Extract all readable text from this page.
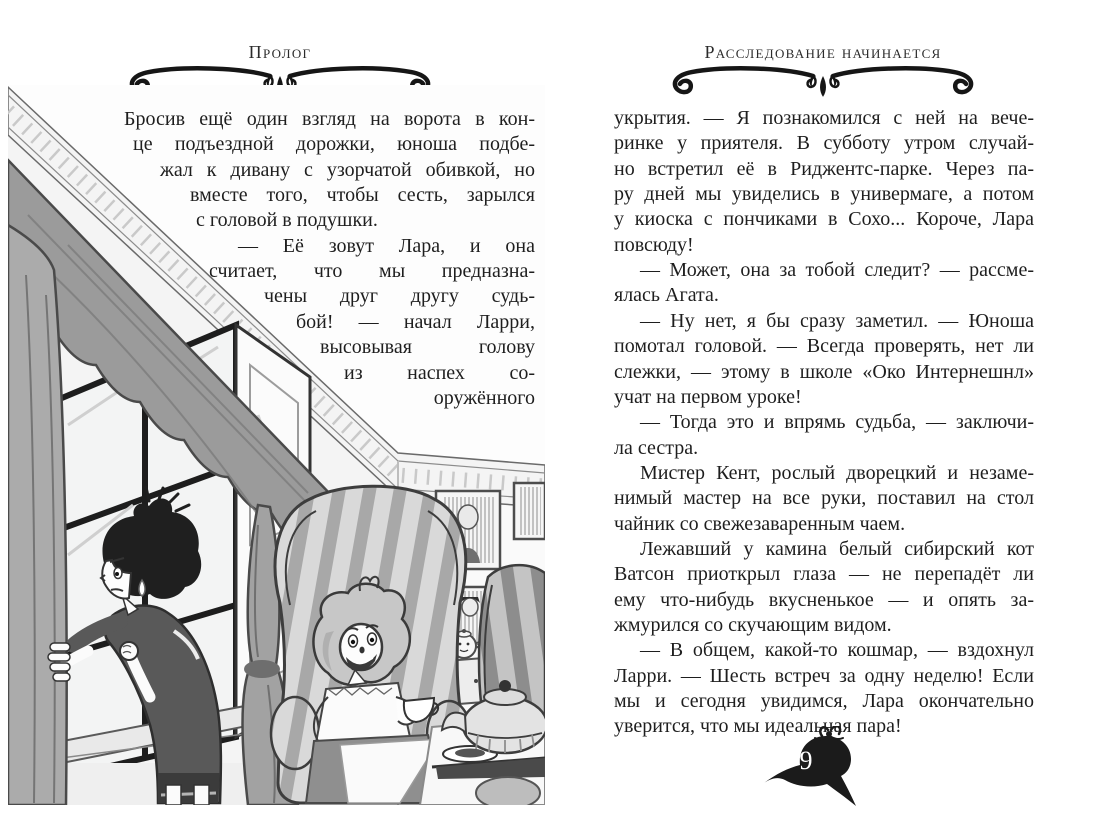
Пролог	Расследование начинается
9
Бросив ещё один взгляд на ворота в кон-
це подъездной дорожки, юноша подбе-
жал к дивану с узорчатой обивкой, но
вместе того, чтобы сесть, зарылся
с головой в подушки.
— Её зовут Лара, и она
считает, что мы предназна-
чены друг другу судь-
бой! — начал Ларри,
высовывая голову
из наспех со-
оружённого
укрытия. — Я познакомился с ней на вече-
ринке у приятеля. В субботу утром случай-
но встретил её в Риджентс-парке. Через па-
ру дней мы увиделись в универмаге, а потом
у киоска с пончиками в Сохо... Короче, Лара
повсюду!
— Может, она за тобой следит? — рассме-
ялась Агата.
— Ну нет, я бы сразу заметил. — Юноша
помотал головой. — Всегда проверять, нет ли
слежки, — этому в школе «Око Интернешнл»
учат на первом уроке!
— Тогда это и впрямь судьба, — заключи-
ла сестра.
Мистер Кент, рослый дворецкий и незаме-
нимый мастер на все руки, поставил на стол
чайник со свежезаваренным чаем.
Лежавший у камина белый сибирский кот
Ватсон приоткрыл глаза — не перепадёт ли
ему что-нибудь вкусненькое — и опять за-
жмурился со скучающим видом.
— В общем, какой-то кошмар, — вздохнул
Ларри. — Шесть встреч за одну неделю! Если
мы и сегодня увидимся, Лара окончательно
уверится, что мы идеальная пара!
